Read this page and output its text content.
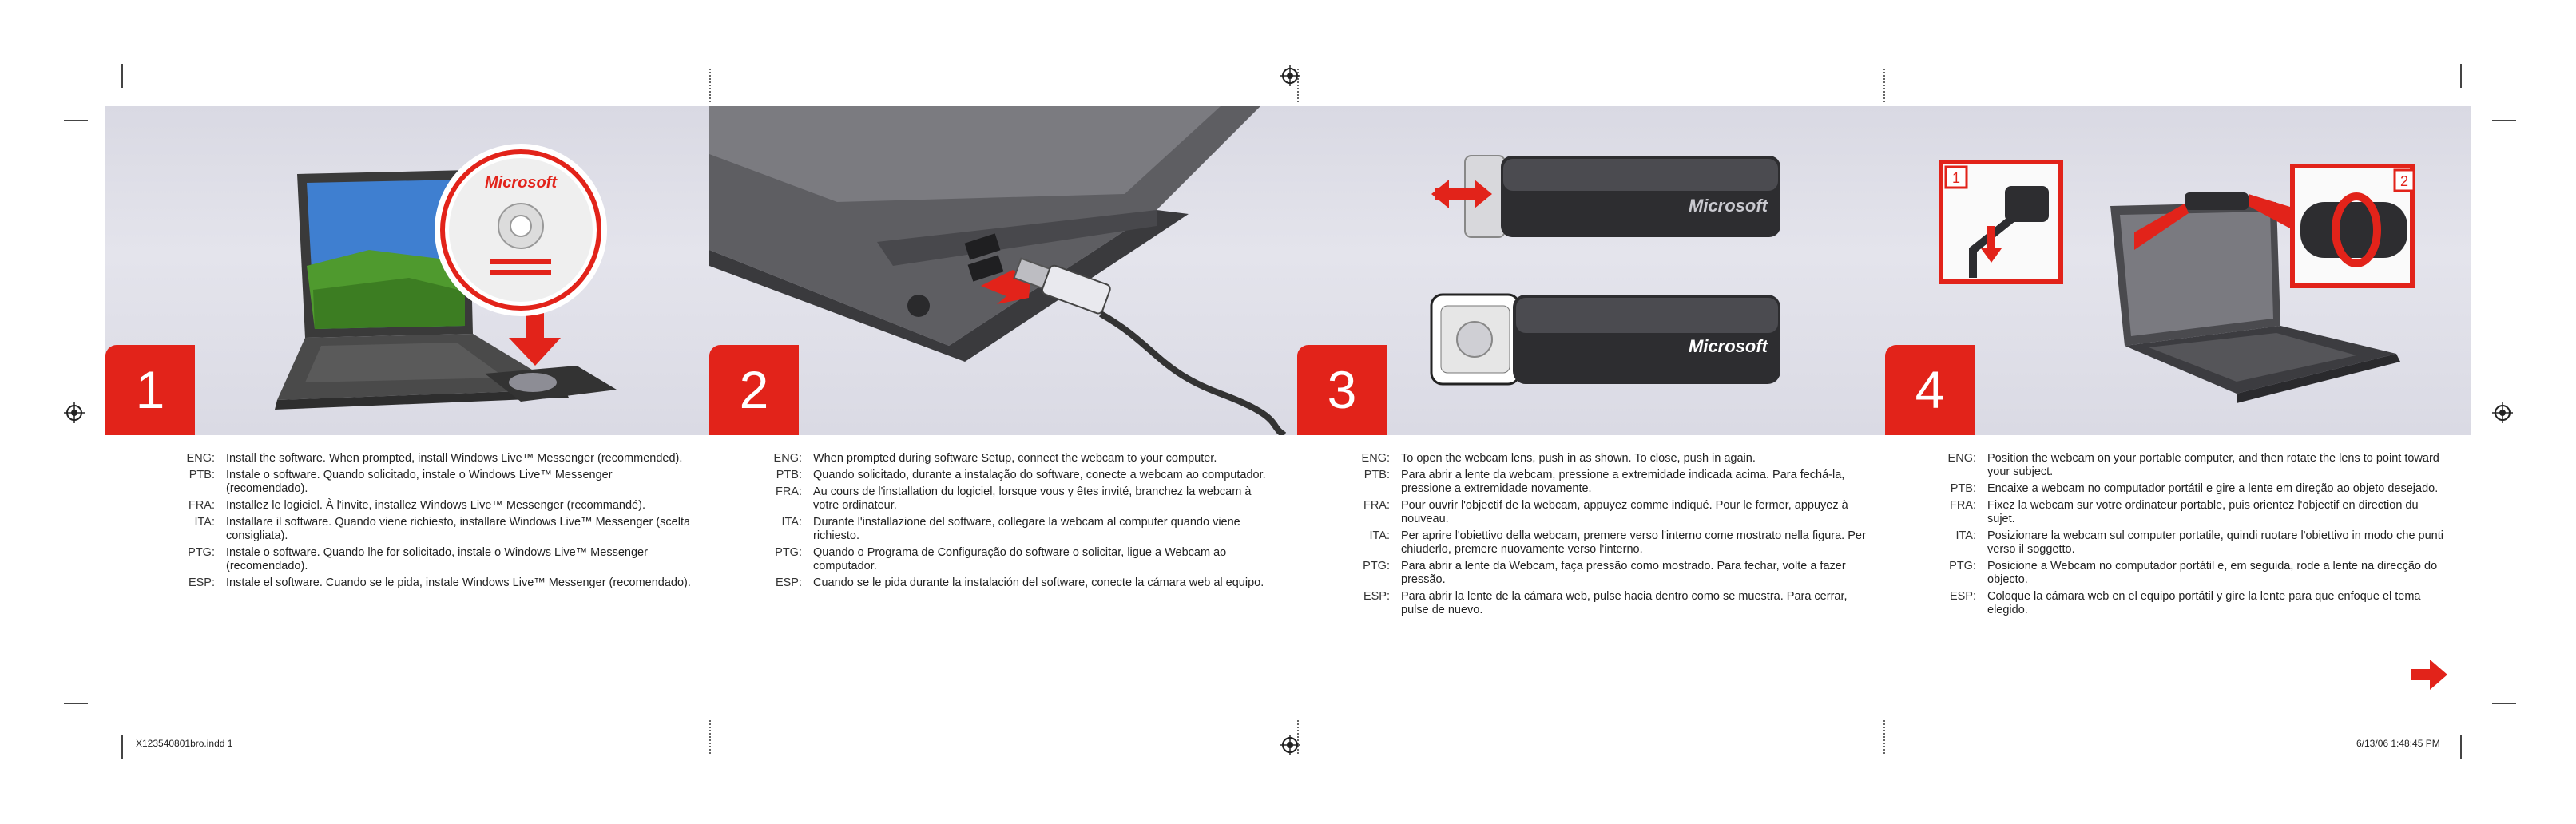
Microsoft
1	2
Microsoft
Microsoft
3
1	2
4
ENG: Install the software. When prompted, install Windows Live™ Messenger (recommended).
PTB: Instale o software. Quando solicitado, instale o Windows Live™ Messenger (recomendado).
FRA: Installez le logiciel. À l'invite, installez Windows Live™ Messenger (recommandé).
ITA: Installare il software. Quando viene richiesto, installare Windows Live™ Messenger (scelta consigliata).
PTG: Instale o software. Quando lhe for solicitado, instale o Windows Live™ Messenger (recomendado).
ESP: Instale el software. Cuando se le pida, instale Windows Live™ Messenger (recomendado).
ENG: When prompted during software Setup, connect the webcam to your computer.
PTB: Quando solicitado, durante a instalação do software, conecte a webcam ao computador.
FRA: Au cours de l'installation du logiciel, lorsque vous y êtes invité, branchez la webcam à votre ordinateur.
ITA: Durante l'installazione del software, collegare la webcam al computer quando viene richiesto.
PTG: Quando o Programa de Configuração do software o solicitar, ligue a Webcam ao computador.
ESP: Cuando se le pida durante la instalación del software, conecte la cámara web al equipo.
ENG: To open the webcam lens, push in as shown. To close, push in again.
PTB: Para abrir a lente da webcam, pressione a extremidade indicada acima. Para fechá-la, pressione a extremidade novamente.
FRA: Pour ouvrir l'objectif de la webcam, appuyez comme indiqué. Pour le fermer, appuyez à nouveau.
ITA: Per aprire l'obiettivo della webcam, premere verso l'interno come mostrato nella figura. Per chiuderlo, premere nuovamente verso l'interno.
PTG: Para abrir a lente da Webcam, faça pressão como mostrado. Para fechar, volte a fazer pressão.
ESP: Para abrir la lente de la cámara web, pulse hacia dentro como se muestra. Para cerrar, pulse de nuevo.
ENG: Position the webcam on your portable computer, and then rotate the lens to point toward your subject.
PTB: Encaixe a webcam no computador portátil e gire a lente em direção ao objeto desejado.
FRA: Fixez la webcam sur votre ordinateur portable, puis orientez l'objectif en direction du sujet.
ITA: Posizionare la webcam sul computer portatile, quindi ruotare l'obiettivo in modo che punti verso il soggetto.
PTG: Posicione a Webcam no computador portátil e, em seguida, rode a lente na direcção do objecto.
ESP: Coloque la cámara web en el equipo portátil y gire la lente para que enfoque el tema elegido.
X123540801bro.indd 1	6/13/06 1:48:45 PM
